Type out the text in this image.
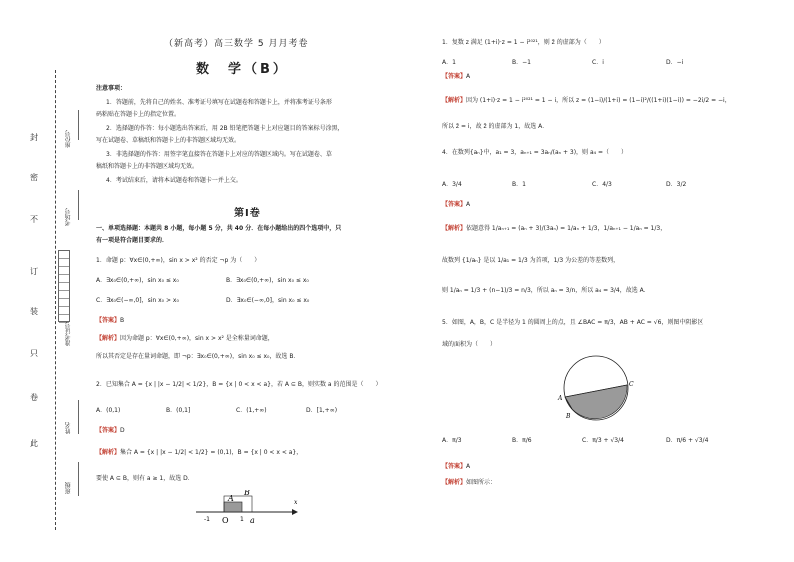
封
密
不
订
装
只
卷
此
座位号
考场号
准考证号
姓名
班级
（新高考）高三数学 5 月月考卷
数　学（B）
注意事项：
1．答题前，先将自己的姓名、准考证号填写在试题卷和答题卡上，并将准考证号条形
码粘贴在答题卡上的指定位置。
2．选择题的作答：每小题选出答案后，用 2B 铅笔把答题卡上对应题目的答案标号涂黑，
写在试题卷、草稿纸和答题卡上的非答题区域均无效。
3．非选择题的作答：用签字笔直接答在答题卡上对应的答题区域内。写在试题卷、草
稿纸和答题卡上的非答题区域均无效。
4．考试结束后，请将本试题卷和答题卡一并上交。
第Ⅰ卷
一、单项选择题：本题共 8 小题，每小题 5 分，共 40 分．在每小题给出的四个选项中，只
有一项是符合题目要求的．
1．命题 p：∀x∈(0,+∞)，sin x > x² 的否定 ¬p 为（　　）
A．∃x₀∈(0,+∞)，sin x₀ ≤ x₀	B．∃x₀∈(0,+∞)，sin x₀ ≤ x₀
C．∃x₀∈(−∞,0]，sin x₀ > x₀	D．∃x₀∈(−∞,0]，sin x₀ ≤ x₀
【答案】B
【解析】因为命题 p：∀x∈(0,+∞)，sin x > x² 是全称量词命题，
所以其否定是存在量词命题，即 ¬p：∃x₀∈(0,+∞)，sin x₀ ≤ x₀，故选 B．
2．已知集合 A = {x | |x − 1/2| < 1/2}，B = {x | 0 < x < a}，若 A ⊆ B，则实数 a 的范围是（　　）
A．(0,1)	B．(0,1]	C．(1,+∞)	D．[1,+∞)
【答案】D
【解析】集合 A = {x | |x − 1/2| < 1/2} = (0,1)，B = {x | 0 < x < a}，
要使 A ⊆ B，则有 a ≥ 1，故选 D．
-1 O 1 a
x
A
B
1．复数 z 满足 (1+i)·z = 1 − i²⁰²¹，则 z̄ 的虚部为（　　）
A．1	B．−1	C．i	D．−i
【答案】A
【解析】因为 (1+i)·z = 1 − i²⁰²¹ = 1 − i，所以 z = (1−i)/(1+i) = (1−i)²/((1+i)(1−i)) = −2i/2 = −i，
所以 z̄ = i，故 z̄ 的虚部为 1，故选 A．
4．在数列{aₙ}中，a₁ = 3，aₙ₊₁ = 3aₙ/(aₙ + 3)，则 a₄ =（　　）
A．3/4	B．1	C．4/3	D．3/2
【答案】A
【解析】依题意得 1/aₙ₊₁ = (aₙ + 3)/(3aₙ) = 1/aₙ + 1/3，1/aₙ₊₁ − 1/aₙ = 1/3，
故数列 {1/aₙ} 是以 1/a₁ = 1/3 为首项，1/3 为公差的等差数列，
则 1/aₙ = 1/3 + (n−1)/3 = n/3，所以 aₙ = 3/n，所以 a₄ = 3/4，故选 A．
5．如图，A，B，C 是半径为 1 的圆周上的点，且 ∠BAC = π/3，AB + AC = √6，则图中阴影区
域的面积为（　　）
A
B
C
A．π/3	B．π/6	C．π/3 + √3/4	D．π/6 + √3/4
【答案】A
【解析】如图所示：
